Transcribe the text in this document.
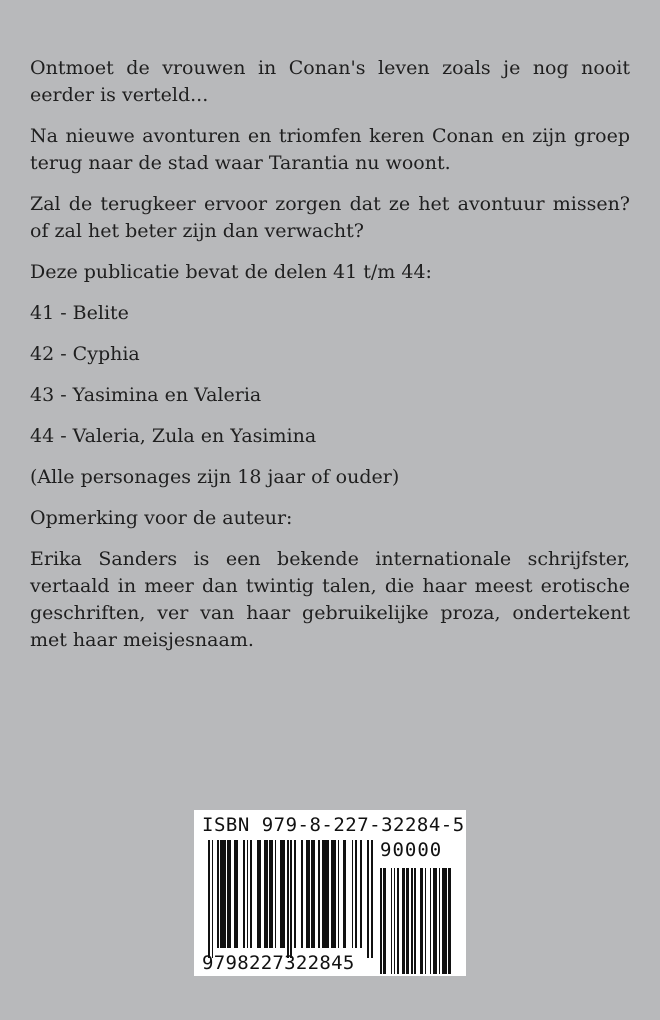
Ontmoet de vrouwen in Conan's leven zoals je nog nooit eerder is verteld...

Na nieuwe avonturen en triomfen keren Conan en zijn groep terug naar de stad waar Tarantia nu woont.

Zal de terugkeer ervoor zorgen dat ze het avontuur missen? of zal het beter zijn dan verwacht?

Deze publicatie bevat de delen 41 t/m 44:

41 - Belite

42 - Cyphia

43 - Yasimina en Valeria

44 - Valeria, Zula en Yasimina

(Alle personages zijn 18 jaar of ouder)

Opmerking voor de auteur:

Erika Sanders is een bekende internationale schrijfster, vertaald in meer dan twintig talen, die haar meest erotische geschriften, ver van haar gebruikelijke proza, ondertekent met haar meisjesnaam.

ISBN 979-8-227-32284-5
90000
9798227322845
